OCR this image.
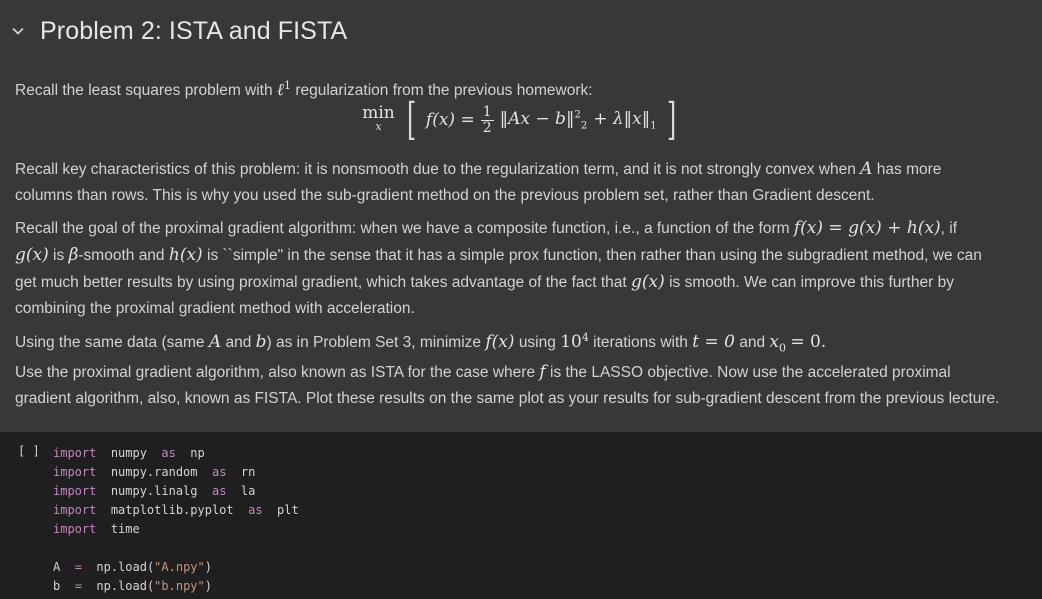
Problem 2: ISTA and FISTA
Recall the least squares problem with ℓ$^1$ regularization from the previous homework:
min
x [ $f(x) = \frac{1}{2}$ ‖Ax − b‖$^2_2$ + $\lambda‖x‖_1$ ]
Recall key characteristics of this problem: it is nonsmooth due to the regularization term, and it is not strongly convex when A has more
columns than rows. This is why you used the sub-gradient method on the previous problem set, rather than Gradient descent.
Recall the goal of the proximal gradient algorithm: when we have a composite function, i.e., a function of the form f(x) = g(x) + h(x), if
g(x) is β-smooth and h(x) is ``simple" in the sense that it has a simple prox function, then rather than using the subgradient method, we can
get much better results by using proximal gradient, which takes advantage of the fact that g(x) is smooth. We can improve this further by
combining the proximal gradient method with acceleration.
Using the same data (same A and b) as in Problem Set 3, minimize f(x) using $10^4$ iterations with t = 0 and $x_0 = 0$.
Use the proximal gradient algorithm, also known as ISTA for the case where f is the LASSO objective. Now use the accelerated proximal
gradient algorithm, also, known as FISTA. Plot these results on the same plot as your results for sub-gradient descent from the previous lecture.
[ ] import numpy as np
import numpy.random as rn
import numpy.linalg as la
import matplotlib.pyplot as plt
import time

A = np.load("A.npy")
b = np.load("b.npy")
